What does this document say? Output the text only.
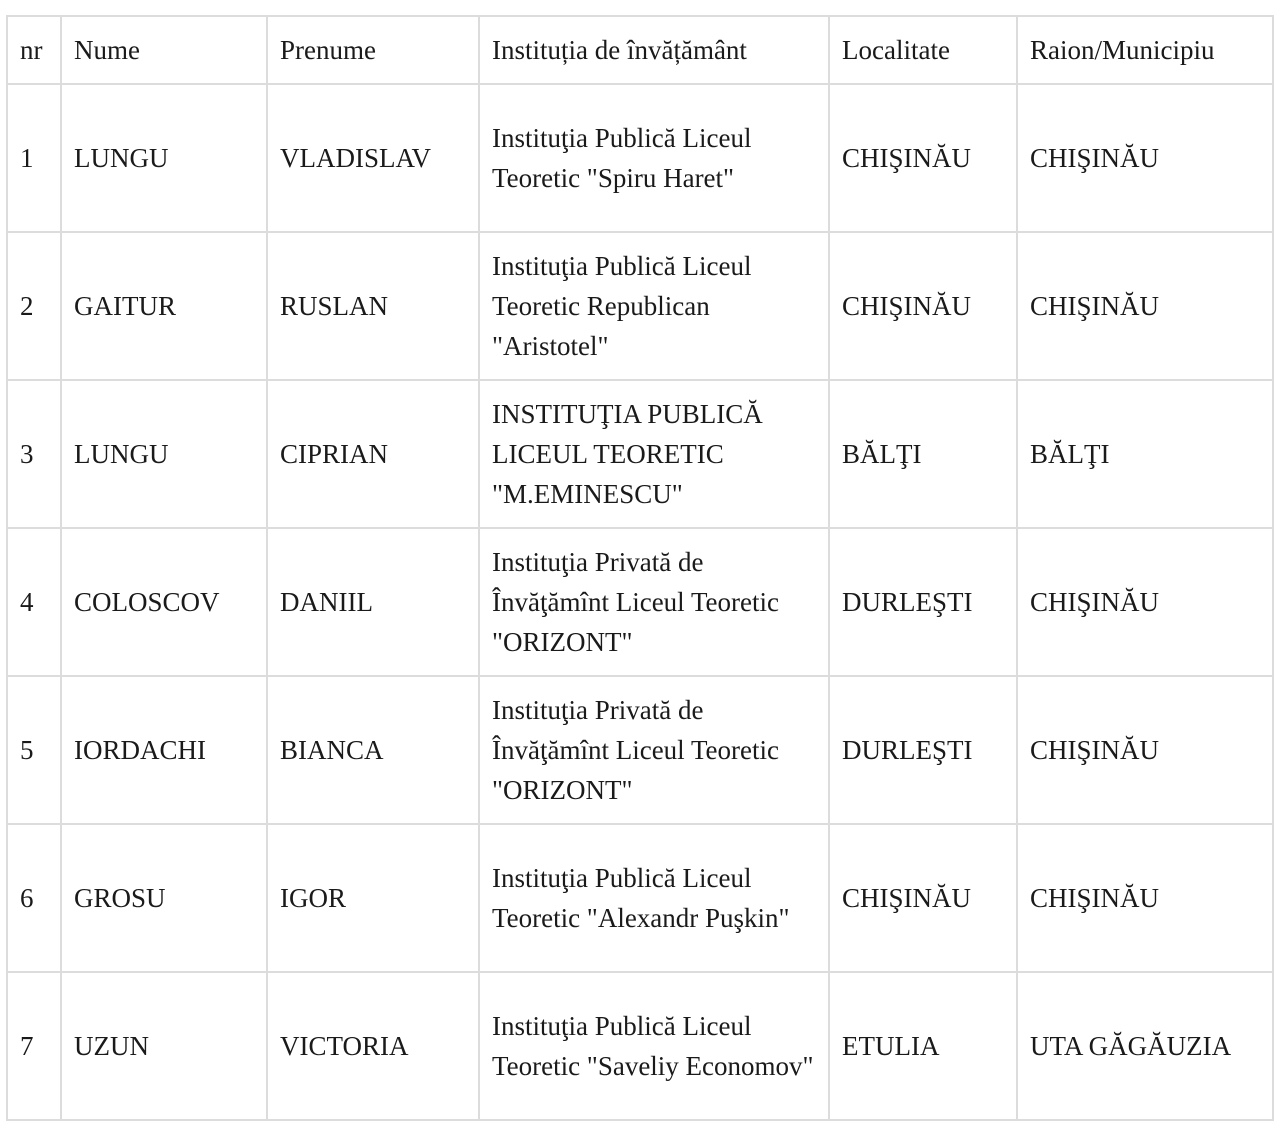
nr	Nume	Prenume	Instituția de învățământ	Localitate	Raion/Municipiu
1	LUNGU	VLADISLAV	Instituţia Publică Liceul Teoretic "Spiru Haret"	CHIŞINĂU	CHIŞINĂU
2	GAITUR	RUSLAN	Instituţia Publică Liceul Teoretic Republican "Aristotel"	CHIŞINĂU	CHIŞINĂU
3	LUNGU	CIPRIAN	INSTITUŢIA PUBLICĂ LICEUL TEORETIC "M.EMINESCU"	BĂLŢI	BĂLŢI
4	COLOSCOV	DANIIL	Instituţia Privată de Învăţămînt Liceul Teoretic "ORIZONT"	DURLEŞTI	CHIŞINĂU
5	IORDACHI	BIANCA	Instituţia Privată de Învăţămînt Liceul Teoretic "ORIZONT"	DURLEŞTI	CHIŞINĂU
6	GROSU	IGOR	Instituţia Publică Liceul Teoretic "Alexandr Puşkin"	CHIŞINĂU	CHIŞINĂU
7	UZUN	VICTORIA	Instituţia Publică Liceul Teoretic "Saveliy Economov"	ETULIA	UTA GĂGĂUZIA
